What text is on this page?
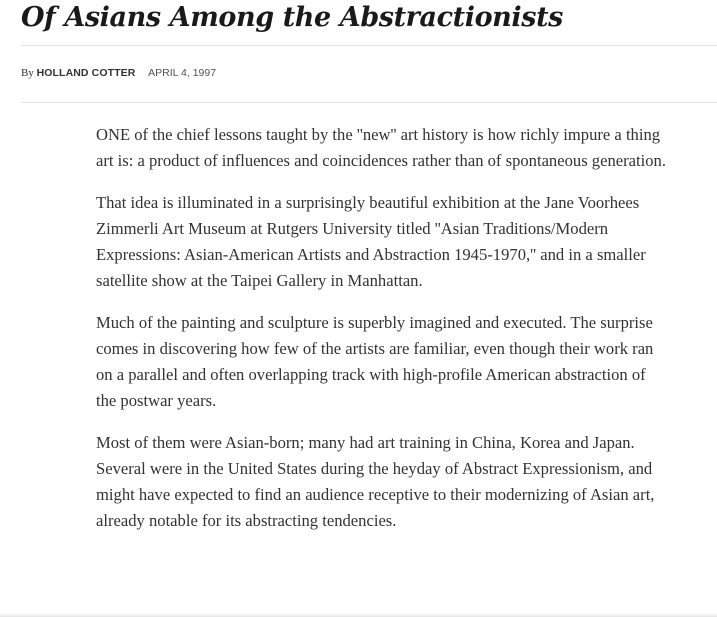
Of Asians Among the Abstractionists
By HOLLAND COTTER APRIL 4, 1997

ONE of the chief lessons taught by the ''new'' art history is how richly impure a thing art is: a product of influences and coincidences rather than of spontaneous generation.

That idea is illuminated in a surprisingly beautiful exhibition at the Jane Voorhees Zimmerli Art Museum at Rutgers University titled ''Asian Traditions/Modern Expressions: Asian-American Artists and Abstraction 1945-1970,'' and in a smaller satellite show at the Taipei Gallery in Manhattan.

Much of the painting and sculpture is superbly imagined and executed. The surprise comes in discovering how few of the artists are familiar, even though their work ran on a parallel and often overlapping track with high-profile American abstraction of the postwar years.

Most of them were Asian-born; many had art training in China, Korea and Japan. Several were in the United States during the heyday of Abstract Expressionism, and might have expected to find an audience receptive to their modernizing of Asian art, already notable for its abstracting tendencies.
